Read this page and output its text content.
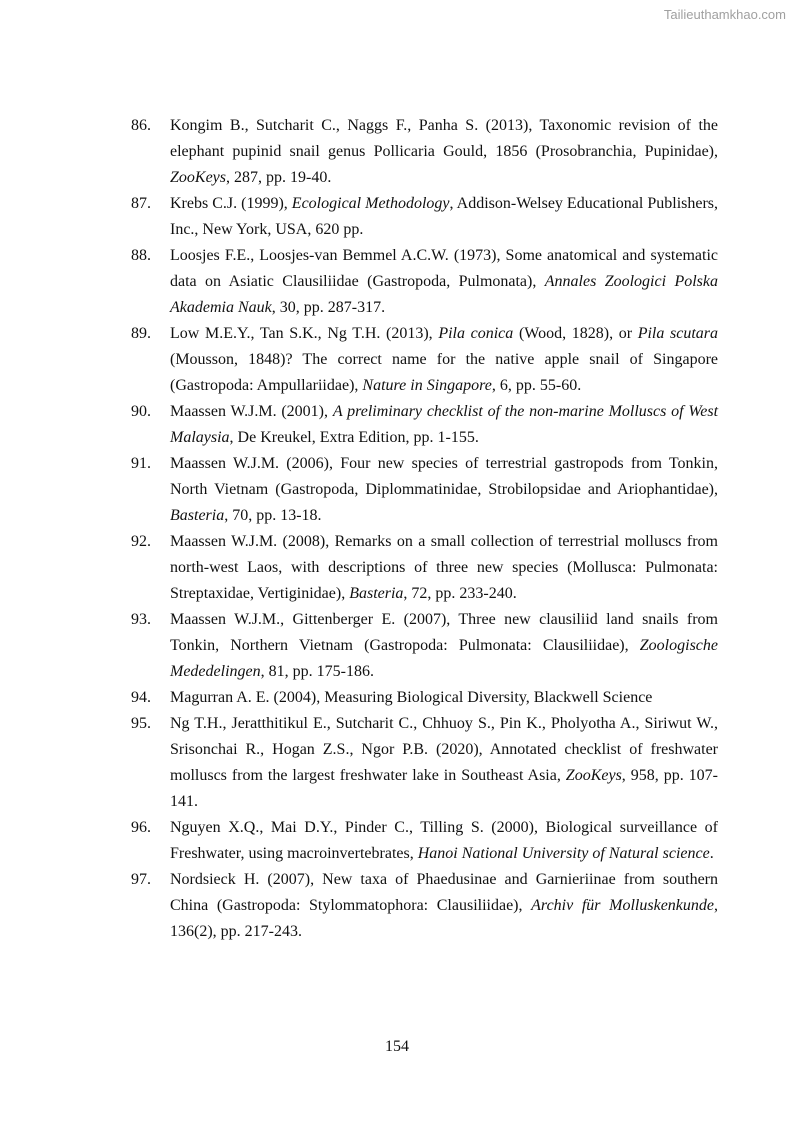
Tailieuthamkhao.com
86. Kongim B., Sutcharit C., Naggs F., Panha S. (2013), Taxonomic revision of the elephant pupinid snail genus Pollicaria Gould, 1856 (Prosobranchia, Pupinidae), ZooKeys, 287, pp. 19-40.
87. Krebs C.J. (1999), Ecological Methodology, Addison-Welsey Educational Publishers, Inc., New York, USA, 620 pp.
88. Loosjes F.E., Loosjes-van Bemmel A.C.W. (1973), Some anatomical and systematic data on Asiatic Clausiliidae (Gastropoda, Pulmonata), Annales Zoologici Polska Akademia Nauk, 30, pp. 287-317.
89. Low M.E.Y., Tan S.K., Ng T.H. (2013), Pila conica (Wood, 1828), or Pila scutara (Mousson, 1848)? The correct name for the native apple snail of Singapore (Gastropoda: Ampullariidae), Nature in Singapore, 6, pp. 55-60.
90. Maassen W.J.M. (2001), A preliminary checklist of the non-marine Molluscs of West Malaysia, De Kreukel, Extra Edition, pp. 1-155.
91. Maassen W.J.M. (2006), Four new species of terrestrial gastropods from Tonkin, North Vietnam (Gastropoda, Diplommatinidae, Strobilopsidae and Ariophantidae), Basteria, 70, pp. 13-18.
92. Maassen W.J.M. (2008), Remarks on a small collection of terrestrial molluscs from north-west Laos, with descriptions of three new species (Mollusca: Pulmonata: Streptaxidae, Vertiginidae), Basteria, 72, pp. 233-240.
93. Maassen W.J.M., Gittenberger E. (2007), Three new clausiliid land snails from Tonkin, Northern Vietnam (Gastropoda: Pulmonata: Clausiliidae), Zoologische Mededelingen, 81, pp. 175-186.
94. Magurran A. E. (2004), Measuring Biological Diversity, Blackwell Science
95. Ng T.H., Jeratthitikul E., Sutcharit C., Chhuoy S., Pin K., Pholyotha A., Siriwut W., Srisonchai R., Hogan Z.S., Ngor P.B. (2020), Annotated checklist of freshwater molluscs from the largest freshwater lake in Southeast Asia, ZooKeys, 958, pp. 107-141.
96. Nguyen X.Q., Mai D.Y., Pinder C., Tilling S. (2000), Biological surveillance of Freshwater, using macroinvertebrates, Hanoi National University of Natural science.
97. Nordsieck H. (2007), New taxa of Phaedusinae and Garnieriinae from southern China (Gastropoda: Stylommatophora: Clausiliidae), Archiv für Molluskenkunde, 136(2), pp. 217-243.
154
